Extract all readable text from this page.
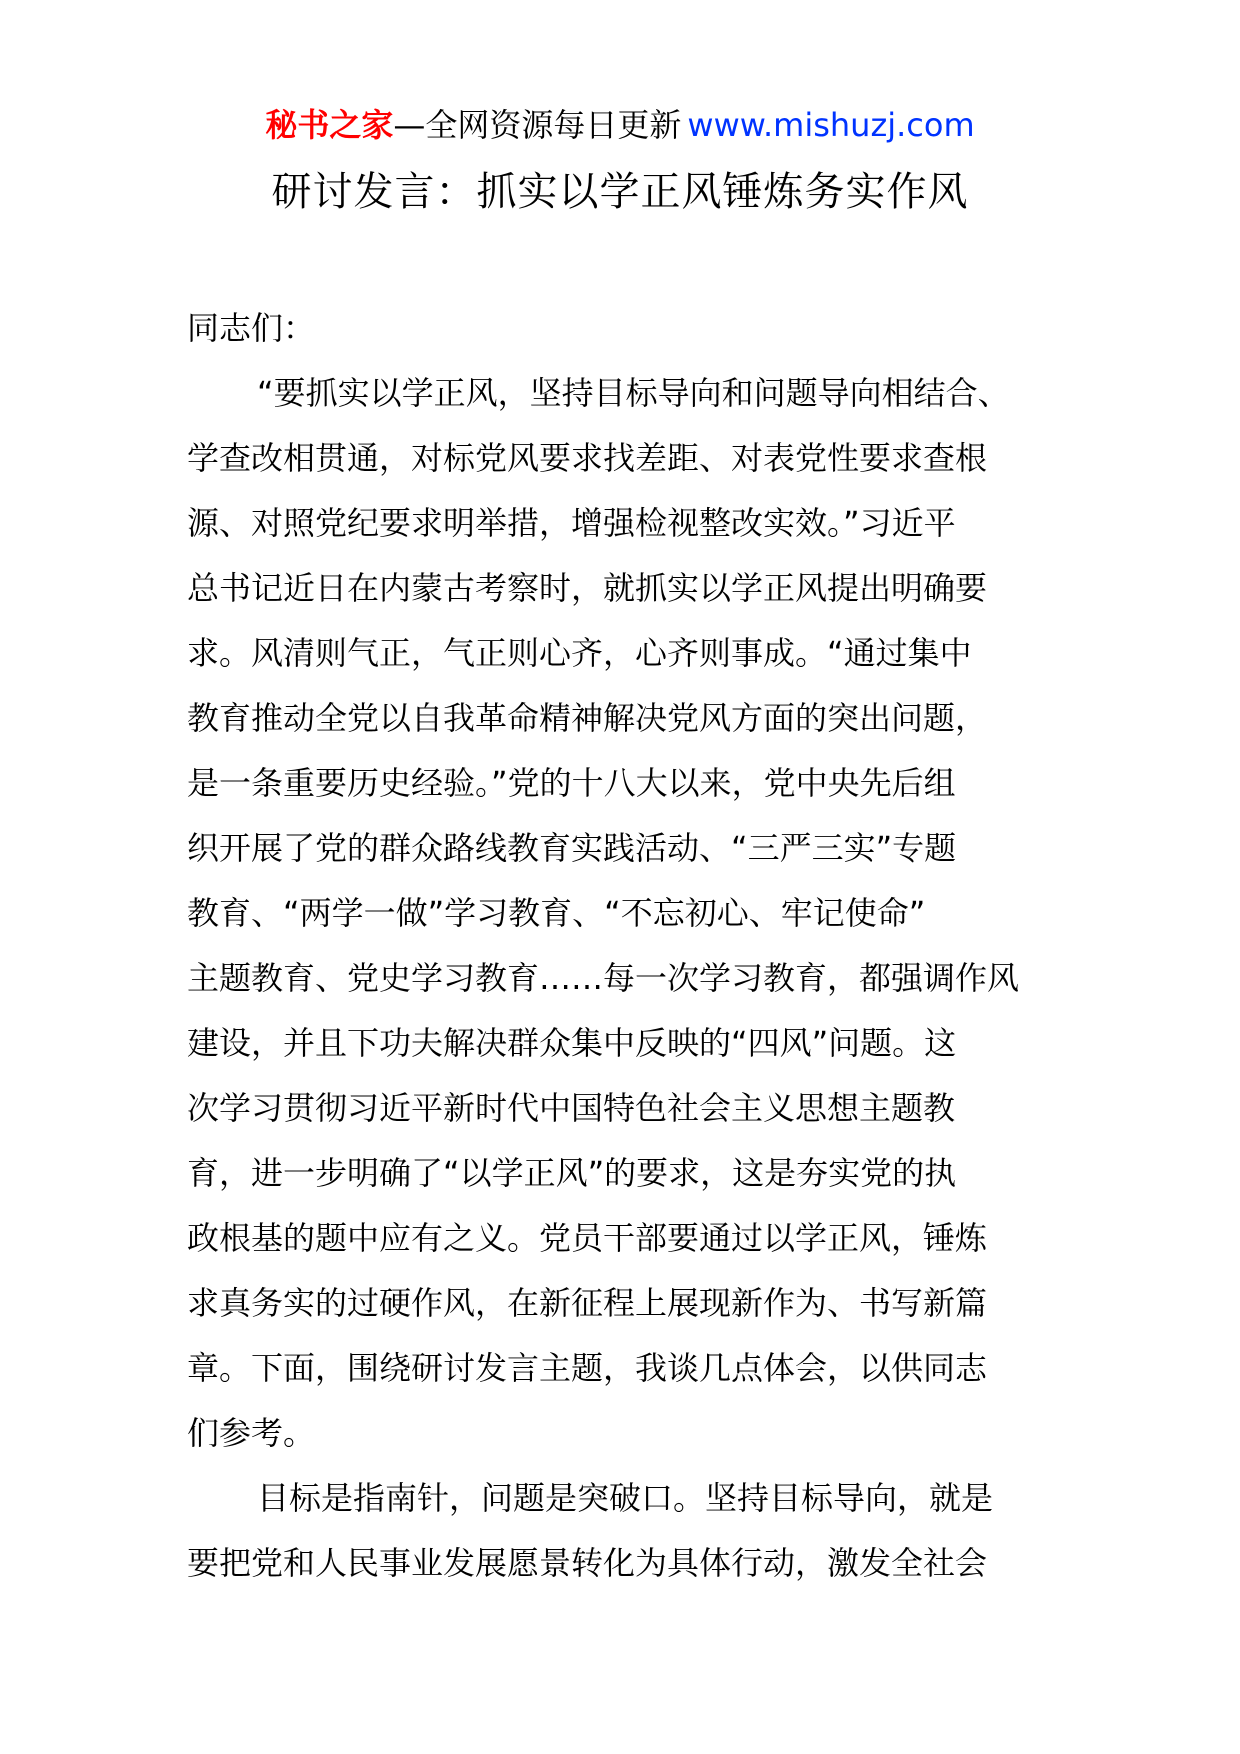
秘书之家—全网资源每日更新 www.mishuzj.com
研讨发言：抓实以学正风锤炼务实作风
同志们：
“要抓实以学正风，坚持目标导向和问题导向相结合、
学查改相贯通，对标党风要求找差距、对表党性要求查根
源、对照党纪要求明举措，增强检视整改实效。”习近平
总书记近日在内蒙古考察时，就抓实以学正风提出明确要
求。风清则气正，气正则心齐，心齐则事成。“通过集中
教育推动全党以自我革命精神解决党风方面的突出问题，
是一条重要历史经验。”党的十八大以来，党中央先后组
织开展了党的群众路线教育实践活动、“三严三实”专题
教育、“两学一做”学习教育、“不忘初心、牢记使命”
主题教育、党史学习教育……每一次学习教育，都强调作风
建设，并且下功夫解决群众集中反映的“四风”问题。这
次学习贯彻习近平新时代中国特色社会主义思想主题教
育，进一步明确了“以学正风”的要求，这是夯实党的执
政根基的题中应有之义。党员干部要通过以学正风，锤炼
求真务实的过硬作风，在新征程上展现新作为、书写新篇
章。下面，围绕研讨发言主题，我谈几点体会，以供同志
们参考。
目标是指南针，问题是突破口。坚持目标导向，就是
要把党和人民事业发展愿景转化为具体行动，激发全社会
